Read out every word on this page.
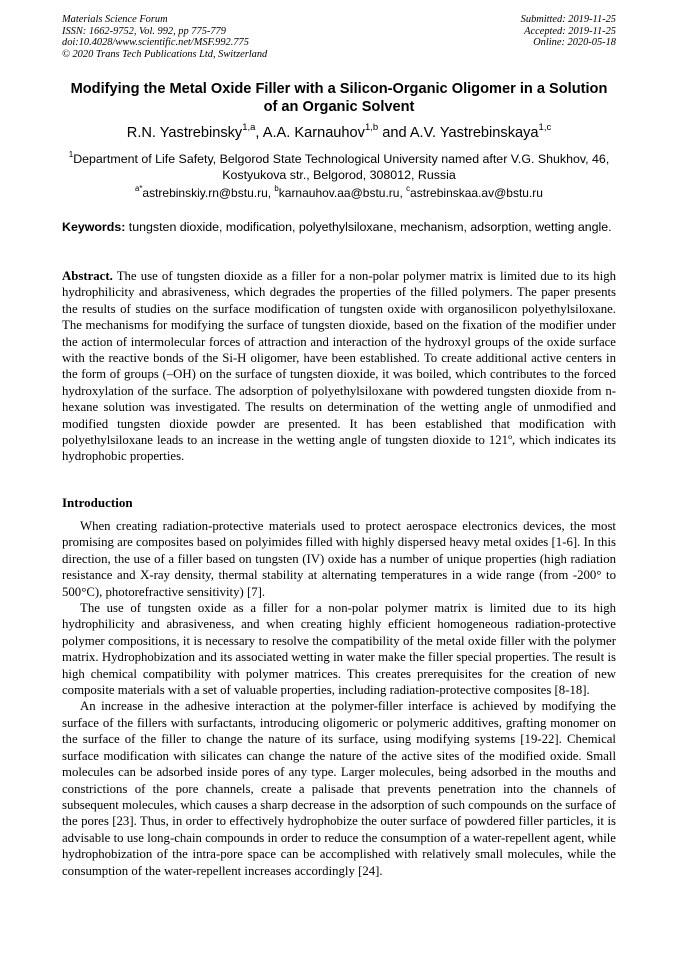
Materials Science Forum
ISSN: 1662-9752, Vol. 992, pp 775-779
doi:10.4028/www.scientific.net/MSF.992.775
© 2020 Trans Tech Publications Ltd, Switzerland
Submitted: 2019-11-25
Accepted: 2019-11-25
Online: 2020-05-18
Modifying the Metal Oxide Filler with a Silicon-Organic Oligomer in a Solution of an Organic Solvent
R.N. Yastrebinsky$^{1,a}$, A.A. Karnauhov$^{1,b}$ and A.V. Yastrebinskaya$^{1,c}$
$^1$Department of Life Safety, Belgorod State Technological University named after V.G. Shukhov, 46, Kostyukova str., Belgorod, 308012, Russia
$^{a*}$astrebinskiy.rn@bstu.ru, $^b$karnauhov.aa@bstu.ru, $^c$astrebinskaa.av@bstu.ru
Keywords: tungsten dioxide, modification, polyethylsiloxane, mechanism, adsorption, wetting angle.
Abstract. The use of tungsten dioxide as a filler for a non-polar polymer matrix is limited due to its high hydrophilicity and abrasiveness, which degrades the properties of the filled polymers. The paper presents the results of studies on the surface modification of tungsten oxide with organosilicon polyethylsiloxane. The mechanisms for modifying the surface of tungsten dioxide, based on the fixation of the modifier under the action of intermolecular forces of attraction and interaction of the hydroxyl groups of the oxide surface with the reactive bonds of the Si-H oligomer, have been established. To create additional active centers in the form of groups (–OH) on the surface of tungsten dioxide, it was boiled, which contributes to the forced hydroxylation of the surface. The adsorption of polyethylsiloxane with powdered tungsten dioxide from n-hexane solution was investigated. The results on determination of the wetting angle of unmodified and modified tungsten dioxide powder are presented. It has been established that modification with polyethylsiloxane leads to an increase in the wetting angle of tungsten dioxide to 121º, which indicates its hydrophobic properties.
Introduction

When creating radiation-protective materials used to protect aerospace electronics devices, the most promising are composites based on polyimides filled with highly dispersed heavy metal oxides [1-6]. In this direction, the use of a filler based on tungsten (IV) oxide has a number of unique properties (high radiation resistance and X-ray density, thermal stability at alternating temperatures in a wide range (from -200° to 500°C), photorefractive sensitivity) [7].

The use of tungsten oxide as a filler for a non-polar polymer matrix is limited due to its high hydrophilicity and abrasiveness, and when creating highly efficient homogeneous radiation-protective polymer compositions, it is necessary to resolve the compatibility of the metal oxide filler with the polymer matrix. Hydrophobization and its associated wetting in water make the filler special properties. The result is high chemical compatibility with polymer matrices. This creates prerequisites for the creation of new composite materials with a set of valuable properties, including radiation-protective composites [8-18].

An increase in the adhesive interaction at the polymer-filler interface is achieved by modifying the surface of the fillers with surfactants, introducing oligomeric or polymeric additives, grafting monomer on the surface of the filler to change the nature of its surface, using modifying systems [19-22]. Chemical surface modification with silicates can change the nature of the active sites of the modified oxide. Small molecules can be adsorbed inside pores of any type. Larger molecules, being adsorbed in the mouths and constrictions of the pore channels, create a palisade that prevents penetration into the channels of subsequent molecules, which causes a sharp decrease in the adsorption of such compounds on the surface of the pores [23]. Thus, in order to effectively hydrophobize the outer surface of powdered filler particles, it is advisable to use long-chain compounds in order to reduce the consumption of a water-repellent agent, while hydrophobization of the intra-pore space can be accomplished with relatively small molecules, while the consumption of the water-repellent increases accordingly [24].
